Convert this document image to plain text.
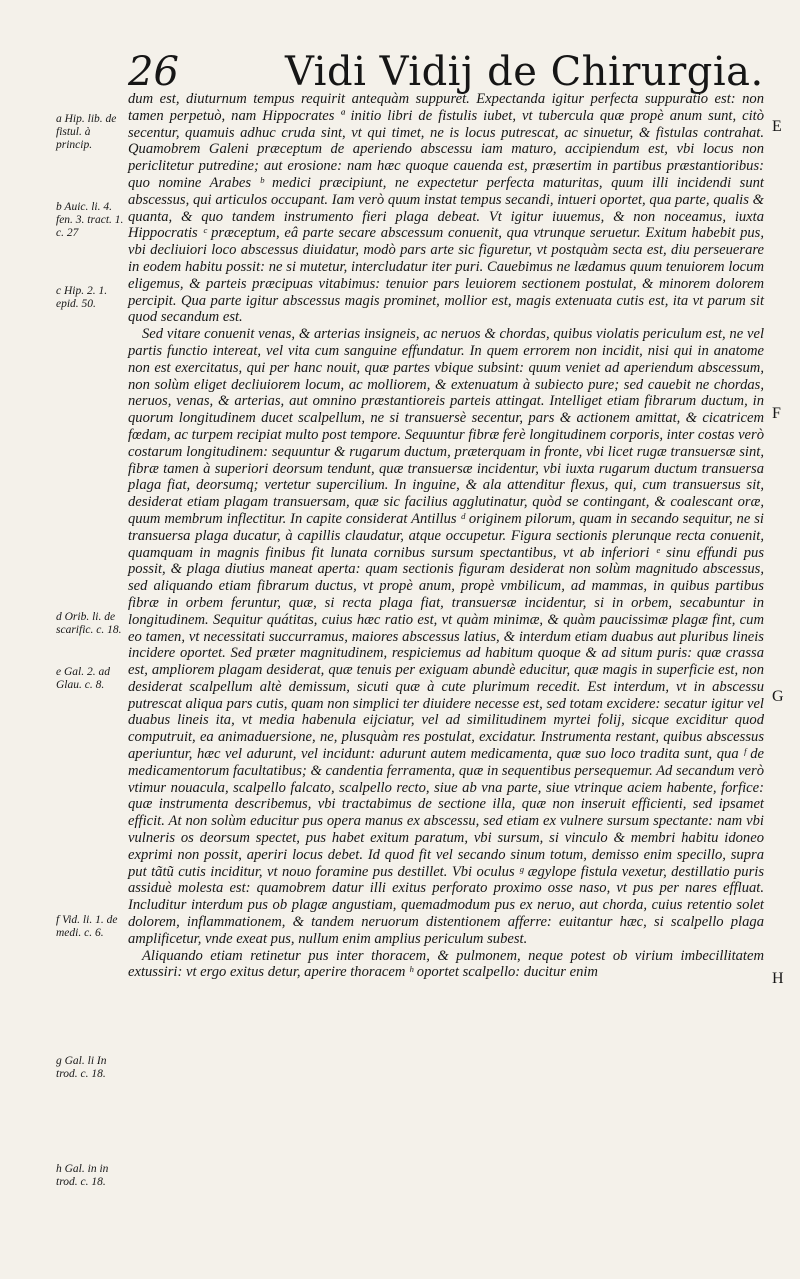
26	Vidi Vidij de Chirurgia.
a Hip. lib. de fistul. à princip.
b Auic. li. 4. fen. 3. tract. 1. c. 27
c Hip. 2. 1. epid. 50.
d Orib. li. de scarific. c. 18.
e Gal. 2. ad Glau. c. 8.
f Vid. li. 1. de medi. c. 6.
g Gal. li In trod. c. 18.
h Gal. in in trod. c. 18.

dum est, diuturnum tempus requirit antequàm suppuret. Expectanda igitur perfecta suppuratio est: non tamen perpetuò, nam Hippocrates ª initio libri de fistulis iubet, vt tubercula quæ propè anum sunt, citò secentur, quamuis adhuc cruda sint, vt qui timet, ne is locus putrescat, ac sinuetur, & fistulas contrahat. Quamobrem Galeni præceptum de aperiendo abscessu iam maturo, accipiendum est, vbi locus non periclitetur putredine; aut erosione: nam hæc quoque cauenda est, præsertim in partibus præstantioribus: quo nomine Arabes ᵇ medici præcipiunt, ne expectetur perfecta maturitas, quum illi incidendi sunt abscessus, qui articulos occupant. Iam verò quum instat tempus secandi, intueri oportet, qua parte, qualis & quanta, & quo tandem instrumento fieri plaga debeat. Vt igitur iuuemus, & non noceamus, iuxta Hippocratis ᶜ præceptum, eâ parte secare abscessum conuenit, qua vtrunque seruetur. Exitum habebit pus, vbi decliuiori loco abscessus diuidatur, modò pars arte sic figuretur, vt postquàm secta est, diu perseuerare in eodem habitu possit: ne si mutetur, intercludatur iter puri. Cauebimus ne lædamus quum tenuiorem locum eligemus, & parteis præcipuas vitabimus: tenuior pars leuiorem sectionem postulat, & minorem dolorem percipit. Qua parte igitur abscessus magis prominet, mollior est, magis extenuata cutis est, ita vt parum sit quod secandum est.

Sed vitare conuenit venas, & arterias insigneis, ac neruos & chordas, quibus violatis periculum est, ne vel partis functio intereat, vel vita cum sanguine effundatur. In quem errorem non incidit, nisi qui in anatome non est exercitatus, qui per hanc nouit, quæ partes vbique subsint: quum veniet ad aperiendum abscessum, non solùm eliget decliuiorem locum, ac molliorem, & extenuatum à subiecto pure; sed cauebit ne chordas, neruos, venas, & arterias, aut omnino præstantioreis parteis attingat. Intelliget etiam fibrarum ductum, in quorum longitudinem ducet scalpellum, ne si transuersè secentur, pars & actionem amittat, & cicatricem fœdam, ac turpem recipiat multo post tempore. Sequuntur fibræ ferè longitudinem corporis, inter costas verò costarum longitudinem: sequuntur & rugarum ductum, præterquam in fronte, vbi licet rugæ transuersæ sint, fibræ tamen à superiori deorsum tendunt, quæ transuersæ incidentur, vbi iuxta rugarum ductum transuersa plaga fiat, deorsumq; vertetur supercilium. In inguine, & ala attenditur flexus, qui, cum transuersus sit, desiderat etiam plagam transuersam, quæ sic facilius agglutinatur, quòd se contingant, & coalescant oræ, quum membrum inflectitur. In capite considerat Antillus ᵈ originem pilorum, quam in secando sequitur, ne si transuersa plaga ducatur, à capillis claudatur, atque occupetur. Figura sectionis plerunque recta conuenit, quamquam in magnis finibus fit lunata cornibus sursum spectantibus, vt ab inferiori ᵉ sinu effundi pus possit, & plaga diutius maneat aperta: quam sectionis figuram desiderat non solùm magnitudo abscessus, sed aliquando etiam fibrarum ductus, vt propè anum, propè vmbilicum, ad mammas, in quibus partibus fibræ in orbem feruntur, quæ, si recta plaga fiat, transuersæ incidentur, si in orbem, secabuntur in longitudinem. Sequitur quátitas, cuius hæc ratio est, vt quàm minimæ, & quàm paucissimæ plagæ fint, cum eo tamen, vt necessitati succurramus, maiores abscessus latius, & interdum etiam duabus aut pluribus lineis incidere oportet. Sed præter magnitudinem, respiciemus ad habitum quoque & ad situm puris: quæ crassa est, ampliorem plagam desiderat, quæ tenuis per exiguam abundè educitur, quæ magis in superficie est, non desiderat scalpellum altè demissum, sicuti quæ à cute plurimum recedit. Est interdum, vt in abscessu putrescat aliqua pars cutis, quam non simplici ter diuidere necesse est, sed totam excidere: secatur igitur vel duabus lineis ita, vt media habenula eijciatur, vel ad similitudinem myrtei folij, sicque exciditur quod computruit, ea animaduersione, ne, plusquàm res postulat, excidatur. Instrumenta restant, quibus abscessus aperiuntur, hæc vel adurunt, vel incidunt: adurunt autem medicamenta, quæ suo loco tradita sunt, qua ᶠ de medicamentorum facultatibus; & candentia ferramenta, quæ in sequentibus persequemur. Ad secandum verò vtimur nouacula, scalpello falcato, scalpello recto, siue ab vna parte, siue vtrinque aciem habente, forfice: quæ instrumenta describemus, vbi tractabimus de sectione illa, quæ non inseruit efficienti, sed ipsamet efficit. At non solùm educitur pus opera manus ex abscessu, sed etiam ex vulnere sursum spectante: nam vbi vulneris os deorsum spectet, pus habet exitum paratum, vbi sursum, si vinculo & membri habitu idoneo exprimi non possit, aperiri locus debet. Id quod fit vel secando sinum totum, demisso enim specillo, supra put tãtũ cutis inciditur, vt nouo foramine pus destillet. Vbi oculus ᵍ ægylope fistula vexetur, destillatio puris assiduè molesta est: quamobrem datur illi exitus perforato proximo osse naso, vt pus per nares effluat. Includitur interdum pus ob plagæ angustiam, quemadmodum pus ex neruo, aut chorda, cuius retentio solet dolorem, inflammationem, & tandem neruorum distentionem afferre: euitantur hæc, si scalpello plaga amplificetur, vnde exeat pus, nullum enim amplius periculum subest.

Aliquando etiam retinetur pus inter thoracem, & pulmonem, neque potest ob virium imbecillitatem extussiri: vt ergo exitus detur, aperire thoracem ʰ oportet scalpello: ducitur enim

E
F
G
H
